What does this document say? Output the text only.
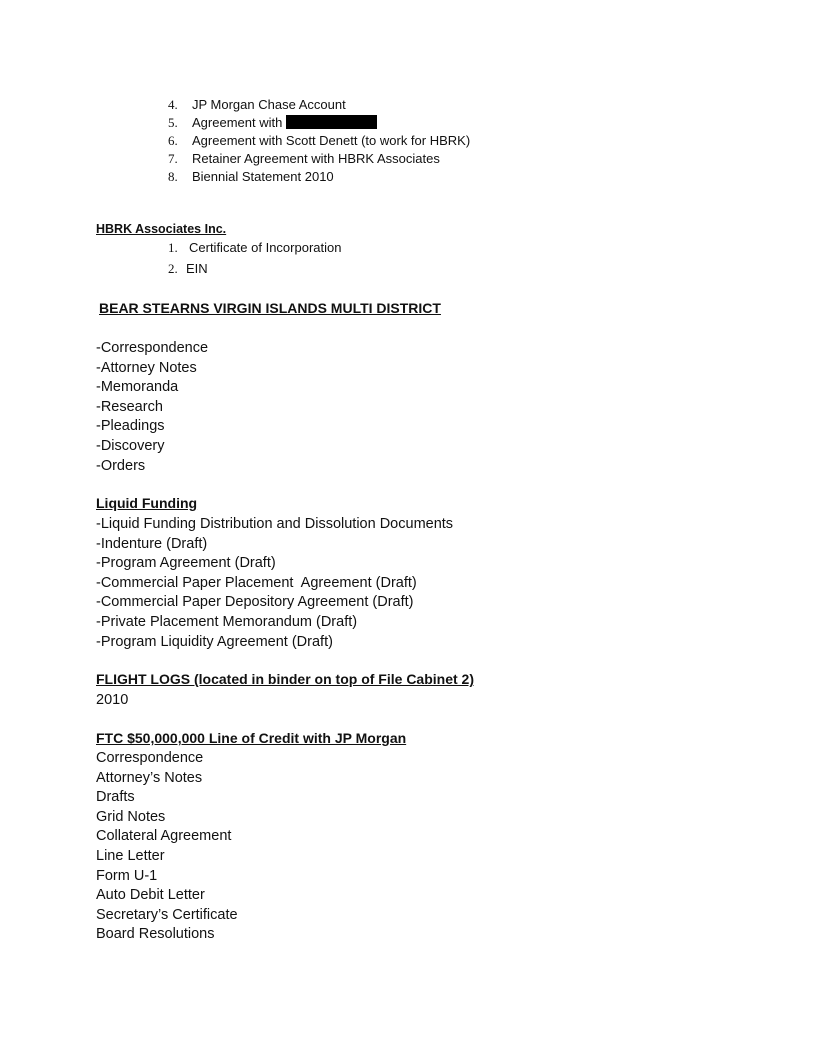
4.	JP Morgan Chase Account
5.	Agreement with
6.	Agreement with Scott Denett (to work for HBRK)
7.	Retainer Agreement with HBRK Associates
8.	Biennial Statement 2010
HBRK Associates Inc.
1. Certificate of Incorporation
2. EIN
BEAR STEARNS VIRGIN ISLANDS MULTI DISTRICT
-Correspondence
-Attorney Notes
-Memoranda
-Research
-Pleadings
-Discovery
-Orders
Liquid Funding
-Liquid Funding Distribution and Dissolution Documents
-Indenture (Draft)
-Program Agreement (Draft)
-Commercial Paper Placement  Agreement (Draft)
-Commercial Paper Depository Agreement (Draft)
-Private Placement Memorandum (Draft)
-Program Liquidity Agreement (Draft)
FLIGHT LOGS (located in binder on top of File Cabinet 2)
2010
FTC $50,000,000 Line of Credit with JP Morgan
Correspondence
Attorney’s Notes
Drafts
Grid Notes
Collateral Agreement
Line Letter
Form U-1
Auto Debit Letter
Secretary’s Certificate
Board Resolutions
